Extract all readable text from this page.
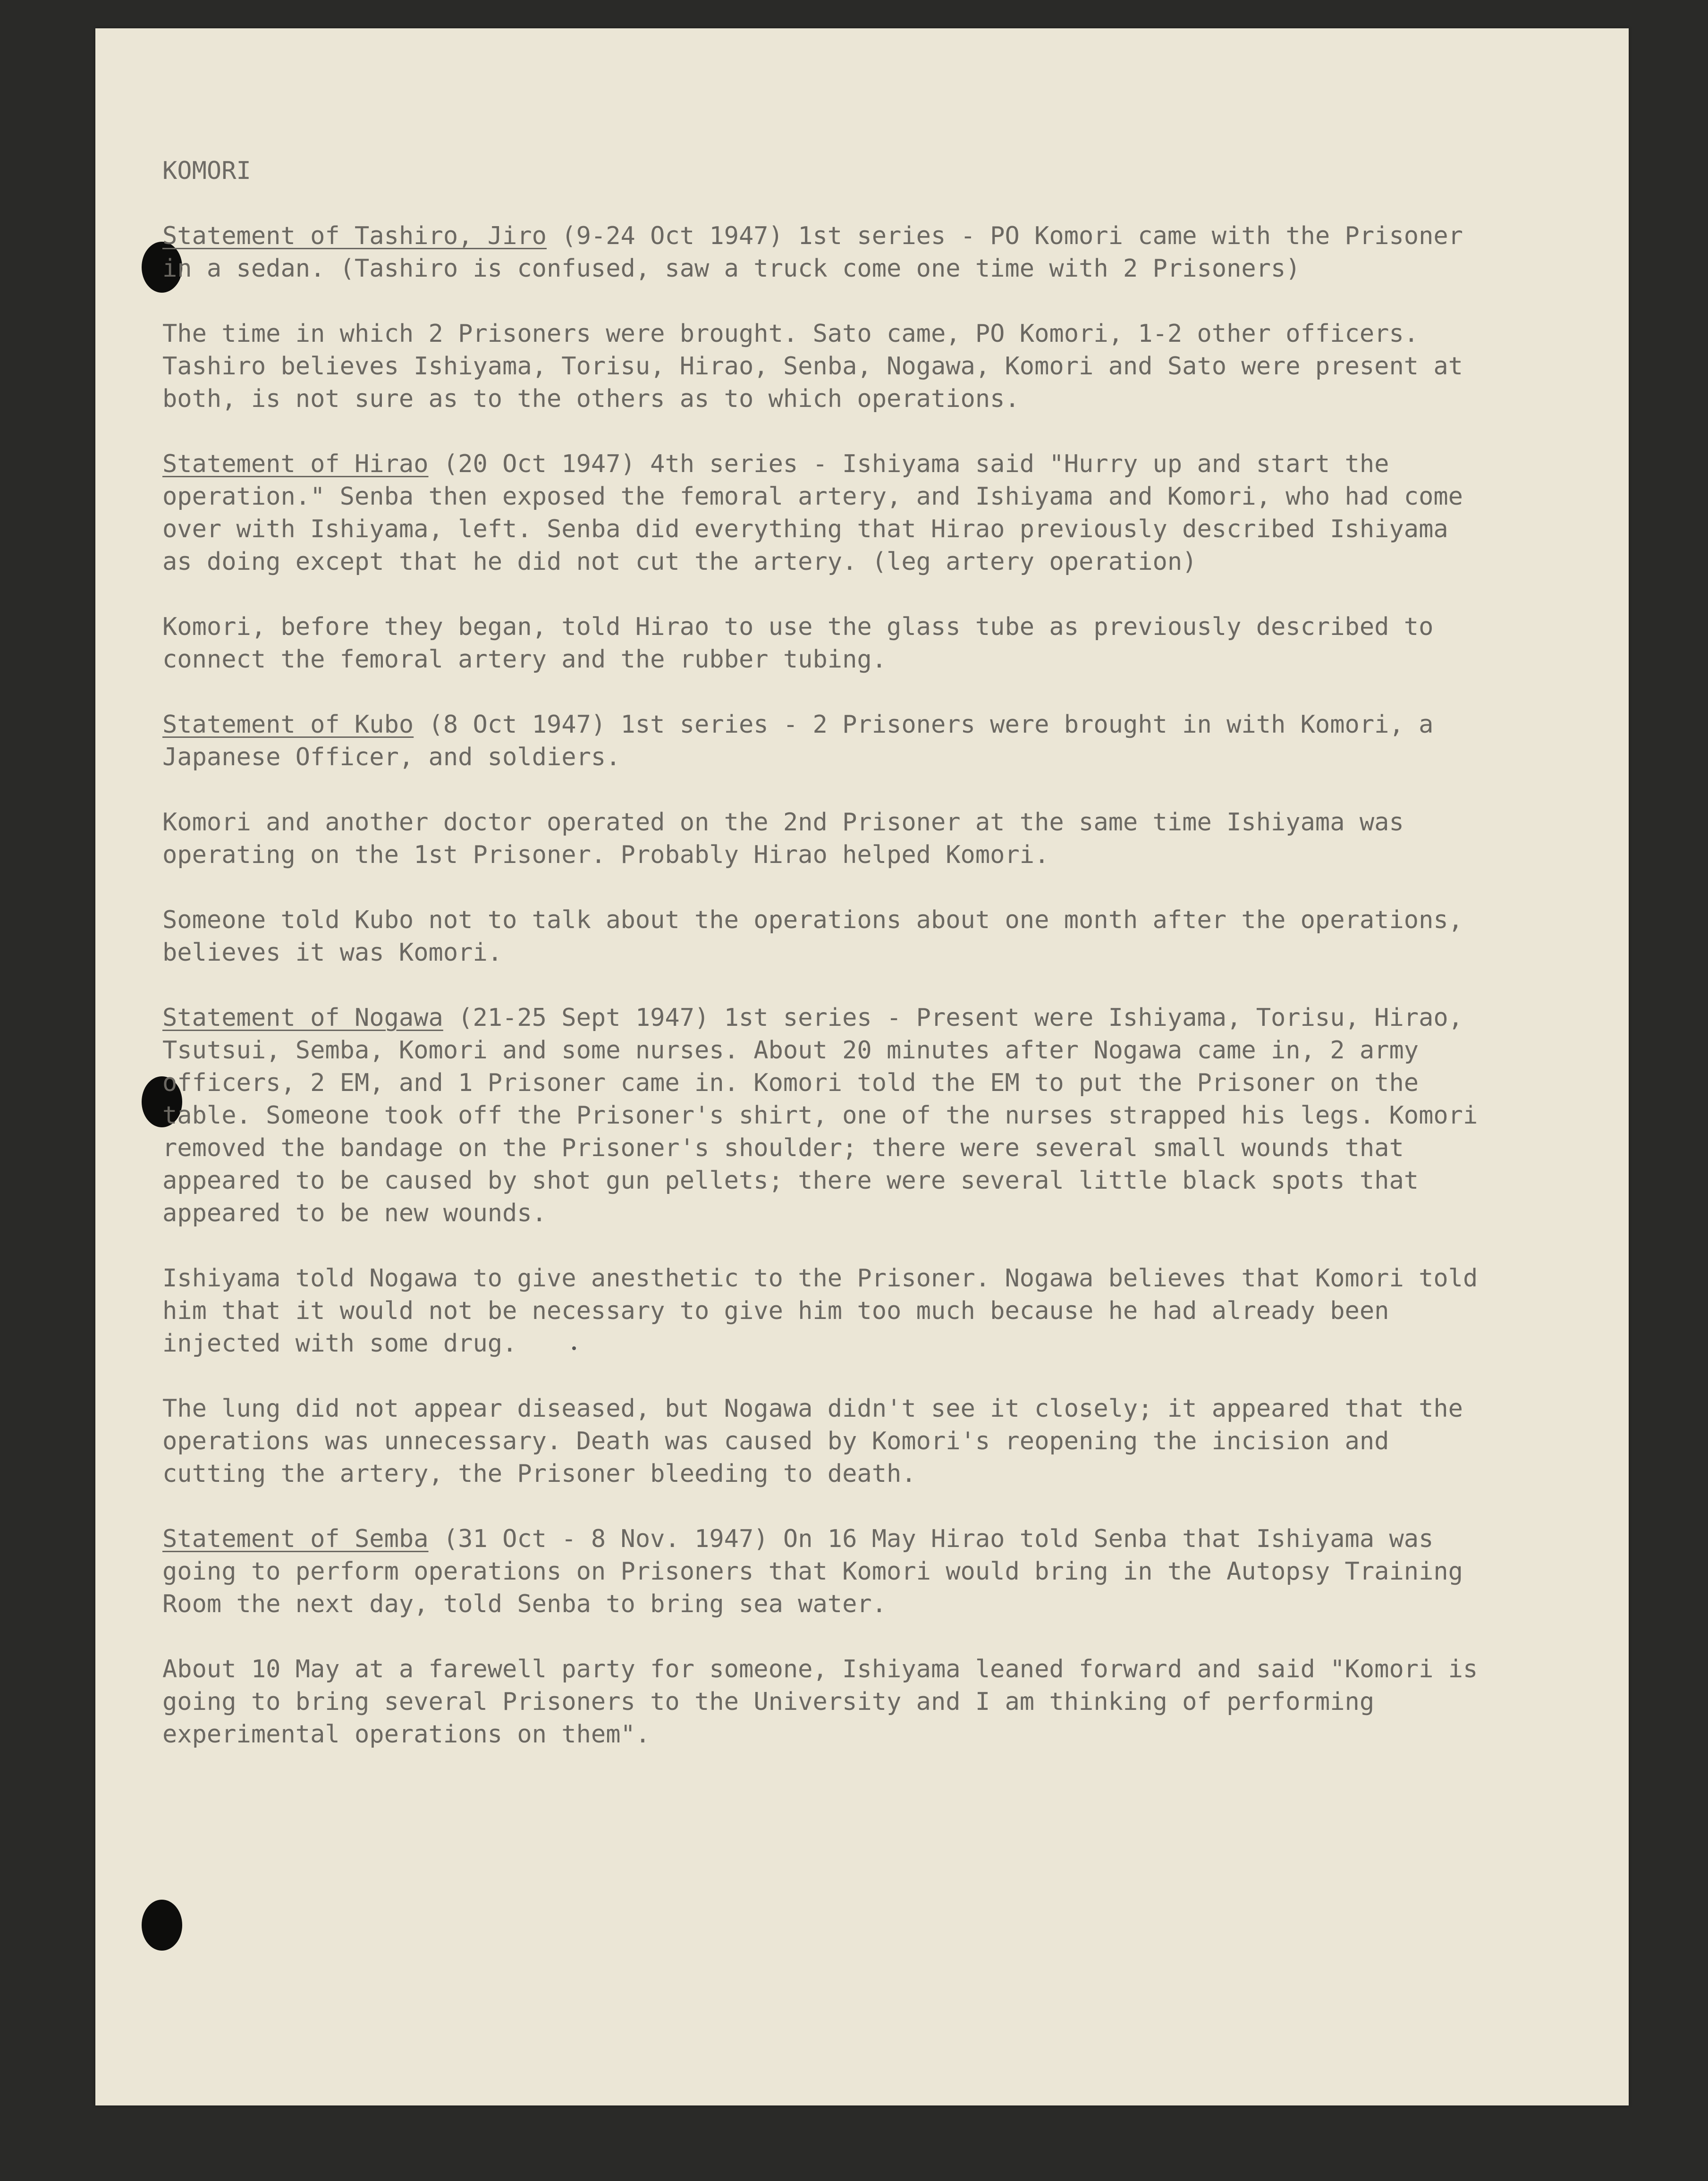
KOMORI

Statement of Tashiro, Jiro (9-24 Oct 1947) 1st series - PO Komori came with the Prisoner in a sedan. (Tashiro is confused, saw a truck come one time with 2 Prisoners)

The time in which 2 Prisoners were brought. Sato came, PO Komori, 1-2 other officers. Tashiro believes Ishiyama, Torisu, Hirao, Senba, Nogawa, Komori and Sato were present at both, is not sure as to the others as to which operations.

Statement of Hirao (20 Oct 1947) 4th series - Ishiyama said "Hurry up and start the operation." Senba then exposed the femoral artery, and Ishiyama and Komori, who had come over with Ishiyama, left. Senba did everything that Hirao previously described Ishiyama as doing except that he did not cut the artery. (leg artery operation)

Komori, before they began, told Hirao to use the glass tube as previously described to connect the femoral artery and the rubber tubing.

Statement of Kubo (8 Oct 1947) 1st series - 2 Prisoners were brought in with Komori, a Japanese Officer, and soldiers.

Komori and another doctor operated on the 2nd Prisoner at the same time Ishiyama was operating on the 1st Prisoner. Probably Hirao helped Komori.

Someone told Kubo not to talk about the operations about one month after the operations, believes it was Komori.

Statement of Nogawa (21-25 Sept 1947) 1st series - Present were Ishiyama, Torisu, Hirao, Tsutsui, Semba, Komori and some nurses. About 20 minutes after Nogawa came in, 2 army officers, 2 EM, and 1 Prisoner came in. Komori told the EM to put the Prisoner on the table. Someone took off the Prisoner's shirt, one of the nurses strapped his legs. Komori removed the bandage on the Prisoner's shoulder; there were several small wounds that appeared to be caused by shot gun pellets; there were several little black spots that appeared to be new wounds.

Ishiyama told Nogawa to give anesthetic to the Prisoner. Nogawa believes that Komori told him that it would not be necessary to give him too much because he had already been injected with some drug.

The lung did not appear diseased, but Nogawa didn't see it closely; it appeared that the operations was unnecessary. Death was caused by Komori's reopening the incision and cutting the artery, the Prisoner bleeding to death.

Statement of Semba (31 Oct - 8 Nov. 1947) On 16 May Hirao told Senba that Ishiyama was going to perform operations on Prisoners that Komori would bring in the Autopsy Training Room the next day, told Senba to bring sea water.

About 10 May at a farewell party for someone, Ishiyama leaned forward and said "Komori is going to bring several Prisoners to the University and I am thinking of performing experimental operations on them".
